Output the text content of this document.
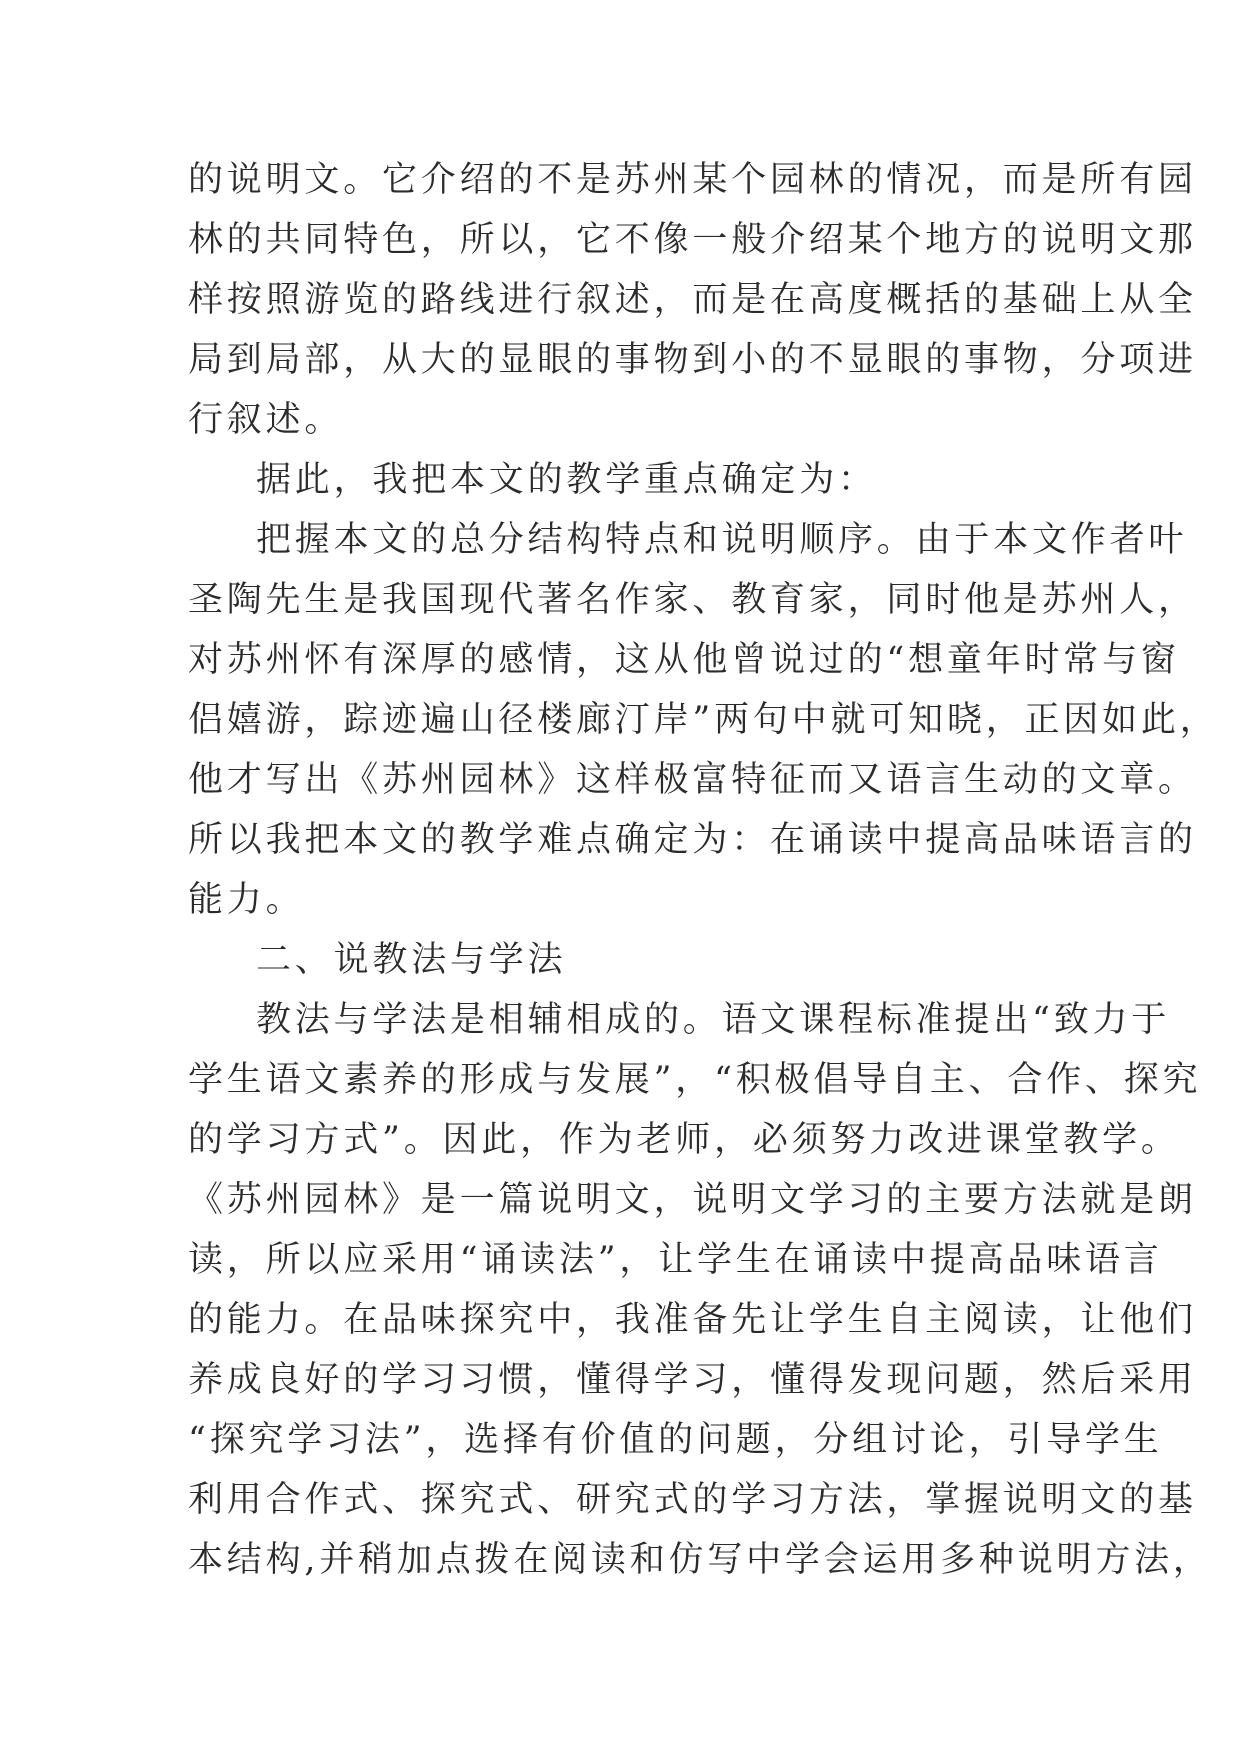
的说明文。它介绍的不是苏州某个园林的情况，而是所有园
林的共同特色，所以，它不像一般介绍某个地方的说明文那
样按照游览的路线进行叙述，而是在高度概括的基础上从全
局到局部，从大的显眼的事物到小的不显眼的事物，分项进
行叙述。
据此，我把本文的教学重点确定为：
把握本文的总分结构特点和说明顺序。由于本文作者叶
圣陶先生是我国现代著名作家、教育家，同时他是苏州人，
对苏州怀有深厚的感情，这从他曾说过的“想童年时常与窗
侣嬉游，踪迹遍山径楼廊汀岸”两句中就可知晓，正因如此，
他才写出《苏州园林》这样极富特征而又语言生动的文章。
所以我把本文的教学难点确定为：在诵读中提高品味语言的
能力。
二、说教法与学法
教法与学法是相辅相成的。语文课程标准提出“致力于
学生语文素养的形成与发展”，“积极倡导自主、合作、探究
的学习方式”。因此，作为老师，必须努力改进课堂教学。
《苏州园林》是一篇说明文，说明文学习的主要方法就是朗
读，所以应采用“诵读法”，让学生在诵读中提高品味语言
的能力。在品味探究中，我准备先让学生自主阅读，让他们
养成良好的学习习惯，懂得学习，懂得发现问题，然后采用
“探究学习法”，选择有价值的问题，分组讨论，引导学生
利用合作式、探究式、研究式的学习方法，掌握说明文的基
本结构,并稍加点拨在阅读和仿写中学会运用多种说明方法，
